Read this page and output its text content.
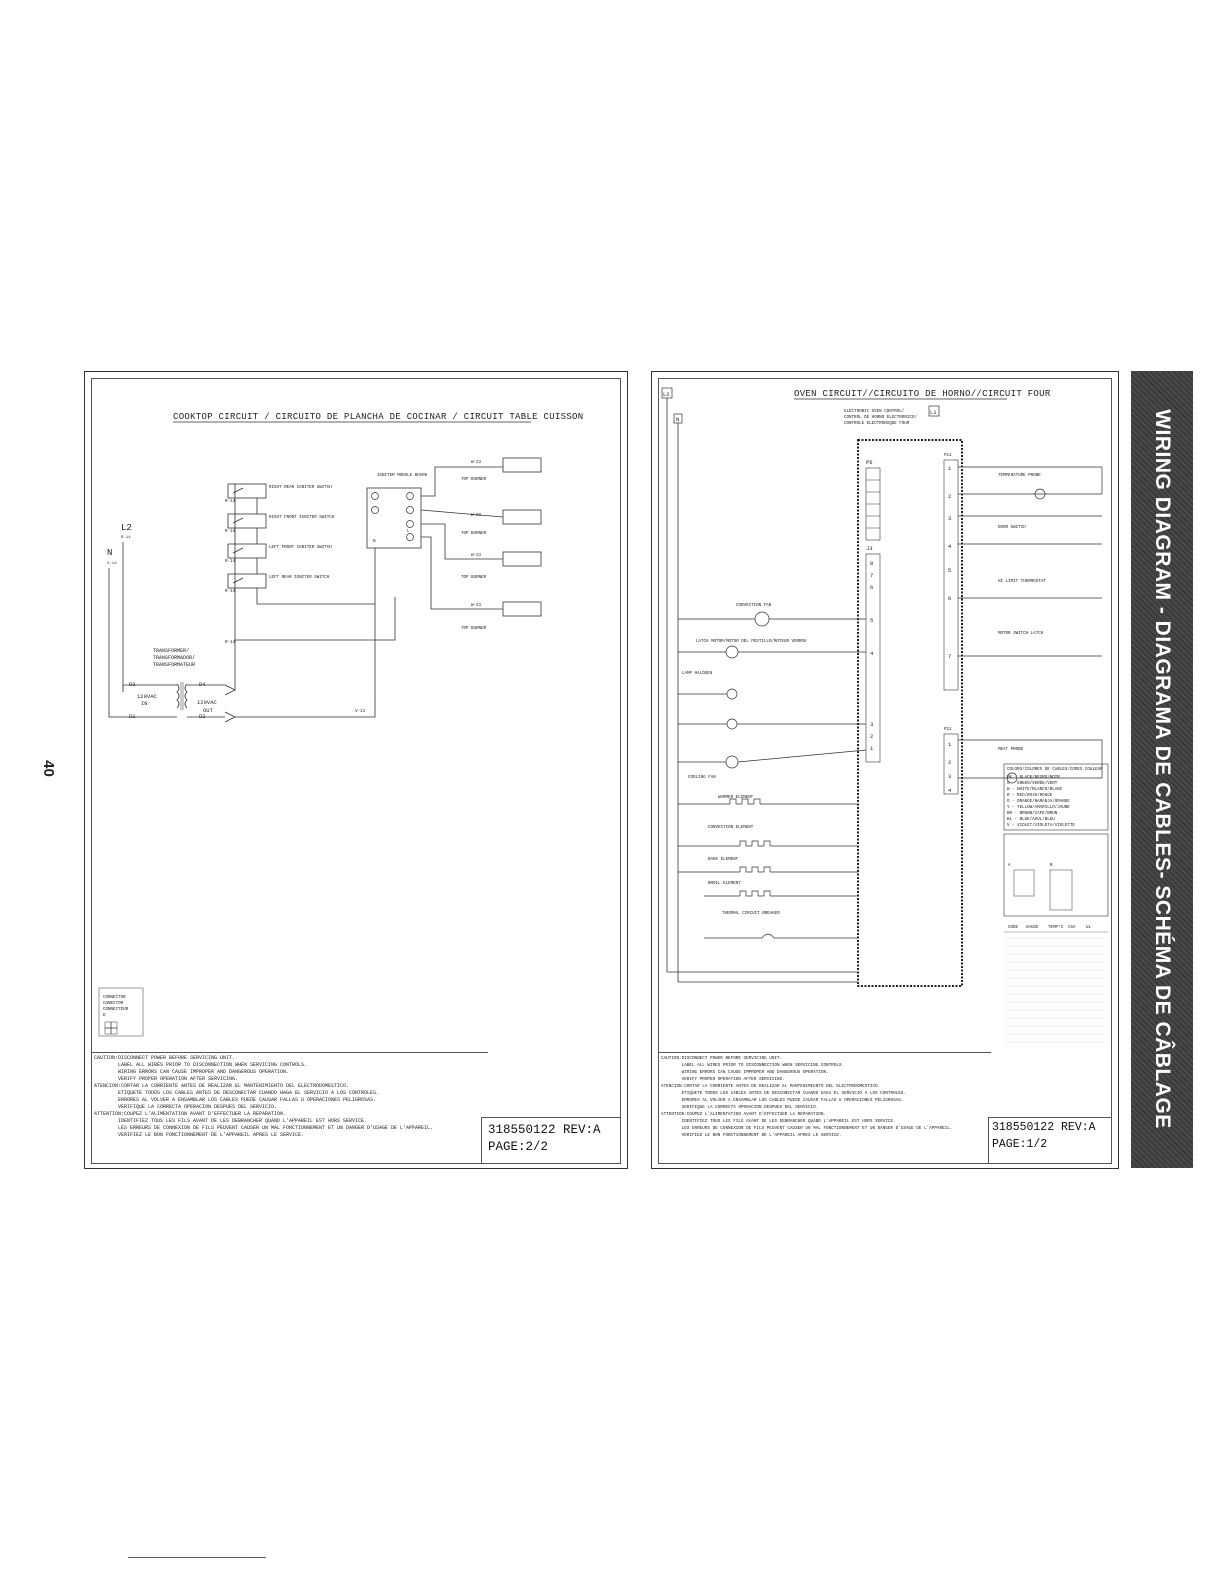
40
COOKTOP CIRCUIT / CIRCUITO DE PLANCHA DE COCINAR / CIRCUIT TABLE CUISSON
L2
R-14
N
V-14
RIGHT REAR IGNITER SWITCH
RIGHT FRONT IGNITER SWITCH
LEFT FRONT IGNITER SWITCH
LEFT REAR IGNITER SWITCH
R-14
R-14
R-14
R-14
R-14
IGNITER MODULE BOARD
N
L
W-23
TOP BURNER
W-23
TOP BURNER
W-23
TOP BURNER
W-23
TOP BURNER
TRANSFORMER/
TRANSFORMADOR/
TRANSFORMATEUR
120VAC
IN	120VAC
OUT
D3
D1
D4
D2
V-14
CONNECTOR
CONECTOR
CONNECTEUR
D
CAUTION:DISCONNECT POWER BEFORE SERVICING UNIT.
LABEL ALL WIRES PRIOR TO DISCONNECTION WHEN SERVICING CONTROLS.
WIRING ERRORS CAN CAUSE IMPROPER AND DANGEROUS OPERATION.
VERIFY PROPER OPERATION AFTER SERVICING.
ATENCION:CORTAR LA CORRIENTE ANTES DE REALIZAR EL MANTENIMIENTO DEL ELECTRODOMESTICO.
ETIQUETE TODOS LOS CABLES ANTES DE DESCONECTAR CUANDO HAGA EL SERVICIO A LOS CONTROLES.
ERRORES AL VOLVER A ENSAMBLAR LOS CABLES PUEDE CAUSAR FALLAS U OPERACIONES PELIGROSAS.
VERIFIQUE LA CORRECTA OPERACION DESPUES DEL SERVICIO.
ATTENTION:COUPEZ L'ALIMENTATION AVANT D'EFFECTUER LA REPARATION.
IDENTIFIEZ TOUS LES FILS AVANT DE LES DEBRANCHER QUAND L'APPAREIL EST HORS SERVICE.
LES ERREURS DE CONNEXION DE FILS PEUVENT CAUSER UN MAL FONCTIONNEMENT ET UN DANGER D'USAGE DE L'APPAREIL.
VERIFIEZ LE BON FONCTIONNEMENT DE L'APPAREIL APRES LE SERVICE.	318550122 REV:A
PAGE:2/2
OVEN CIRCUIT//CIRCUITO DE HORNO//CIRCUIT FOUR
L2
N
L1
ELECTRONIC OVEN CONTROL/
CONTROL DE HORNO ELECTRONICO/
CONTROLE ELECTRONIQUE FOUR
P6
J3
P11
P12
8
7
6
5
4
3
2
1
1
2
3
4
5
6
7
1
2
3
4
TEMPERATURE PROBE
DOOR SWITCH
HI LIMIT THERMOSTAT
MOTOR SWITCH LATCH
MEAT PROBE
CONVECTION FAN
LATCH MOTOR/MOTOR DEL PESTILLO/MOTEUR VERROU
LAMP HALOGEN
COOLING FAN
WARMER ELEMENT
CONVECTION ELEMENT
BAKE ELEMENT
BROIL ELEMENT
THERMAL CIRCUIT BREAKER
COLORS/COLORES DE CABLES/CODES COULEUR
BK - BLACK/NEGRO/NOIR
G - GREEN/VERDE/VERT
W - WHITE/BLANCO/BLANC
R - RED/ROJO/ROUGE
O - ORANGE/NARANJA/ORANGE
Y - YELLOW/AMARILLO/JAUNE
BR - BROWN/CAFE/BRUN
BL - BLUE/AZUL/BLEU
V - VIOLET/VIOLETA/VIOLETTE
A	B
CODE GAUGE TEMP°C CSA UL
CAUTION:DISCONNECT POWER BEFORE SERVICING UNIT.
LABEL ALL WIRES PRIOR TO DISCONNECTION WHEN SERVICING CONTROLS.
WIRING ERRORS CAN CAUSE IMPROPER AND DANGEROUS OPERATION.
VERIFY PROPER OPERATION AFTER SERVICING.
ATENCION:CORTAR LA CORRIENTE ANTES DE REALIZAR EL MANTENIMIENTO DEL ELECTRODOMESTICO.
ETIQUETE TODOS LOS CABLES ANTES DE DESCONECTAR CUANDO HAGA EL SERVICIO A LOS CONTROLES.
ERRORES AL VOLVER A ENSAMBLAR LOS CABLES PUEDE CAUSAR FALLAS U OPERACIONES PELIGROSAS.
VERIFIQUE LA CORRECTA OPERACION DESPUES DEL SERVICIO.
ATTENTION:COUPEZ L'ALIMENTATION AVANT D'EFFECTUER LA REPARATION.
IDENTIFIEZ TOUS LES FILS AVANT DE LES DEBRANCHER QUAND L'APPAREIL EST HORS SERVICE.
LES ERREURS DE CONNEXION DE FILS PEUVENT CAUSER UN MAL FONCTIONNEMENT ET UN DANGER D'USAGE DE L'APPAREIL.
VERIFIEZ LE BON FONCTIONNEMENT DE L'APPAREIL APRES LE SERVICE.
318550122 REV:A
PAGE:1/2
WIRING DIAGRAM - DIAGRAMA DE CABLES- SCHÉMA DE CÂBLAGE
